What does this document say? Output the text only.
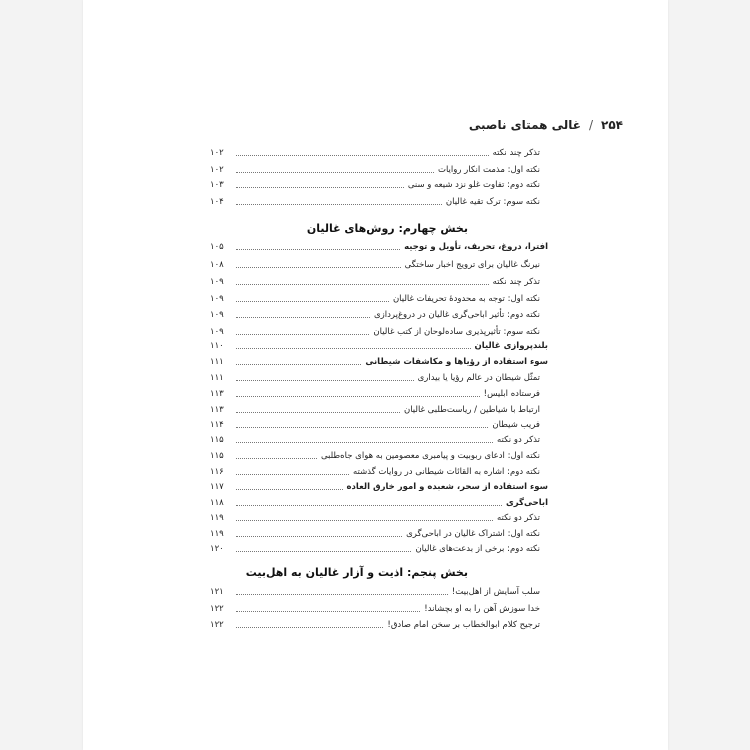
۲۵۴
/
غالی همتای ناصبی
تذکر چند نکته
۱۰۲
نکته اول: مذمت انکار روایات
۱۰۲
نکته دوم: تفاوت غلو نزد شیعه و سنی
۱۰۳
نکته سوم: ترک تقیه غالیان
۱۰۴
بخش چهارم: روش‌های غالیان
افترا، دروغ، تحریف، تأویل و توجیه
۱۰۵
نیرنگ غالیان برای ترویج اخبار ساختگی
۱۰۸
تذکر چند نکته
۱۰۹
نکته اول: توجه به محدودۀ تحریفات غالیان
۱۰۹
نکته دوم: تأثیر اباحی‌گری غالیان در دروغ‌پردازی
۱۰۹
نکته سوم: تأثیرپذیری ساده‌لوحان از کتب غالیان
۱۰۹
بلندپروازی غالیان
۱۱۰
سوء استفاده از رؤیاها و مکاشفات شیطانی
۱۱۱
تمثّل شیطان در عالم رؤیا یا بیداری
۱۱۱
فرستاده ابلیس!
۱۱۳
ارتباط با شیاطین / ریاست‌طلبی غالیان
۱۱۳
فریب شیطان
۱۱۴
تذکر دو نکته
۱۱۵
نکته اول: ادعای ربوبیت و پیامبری معصومین به هوای جاه‌طلبی
۱۱۵
نکته دوم: اشاره به القائات شیطانی در روایات گذشته
۱۱۶
سوء استفاده از سحر، شعبده و امور خارق العاده
۱۱۷
اباحی‌گری
۱۱۸
تذکر دو نکته
۱۱۹
نکته اول: اشتراک غالیان در اباحی‌گری
۱۱۹
نکته دوم: برخی از بدعت‌های غالیان
۱۲۰
بخش پنجم: اذیت و آزار غالیان به اهل‌بیت
سلب آسایش از اهل‌بیت!
۱۲۱
خدا سوزش آهن را به او بچشاند!
۱۲۲
ترجیح کلام ابوالخطاب بر سخن امام صادق!
۱۲۲
